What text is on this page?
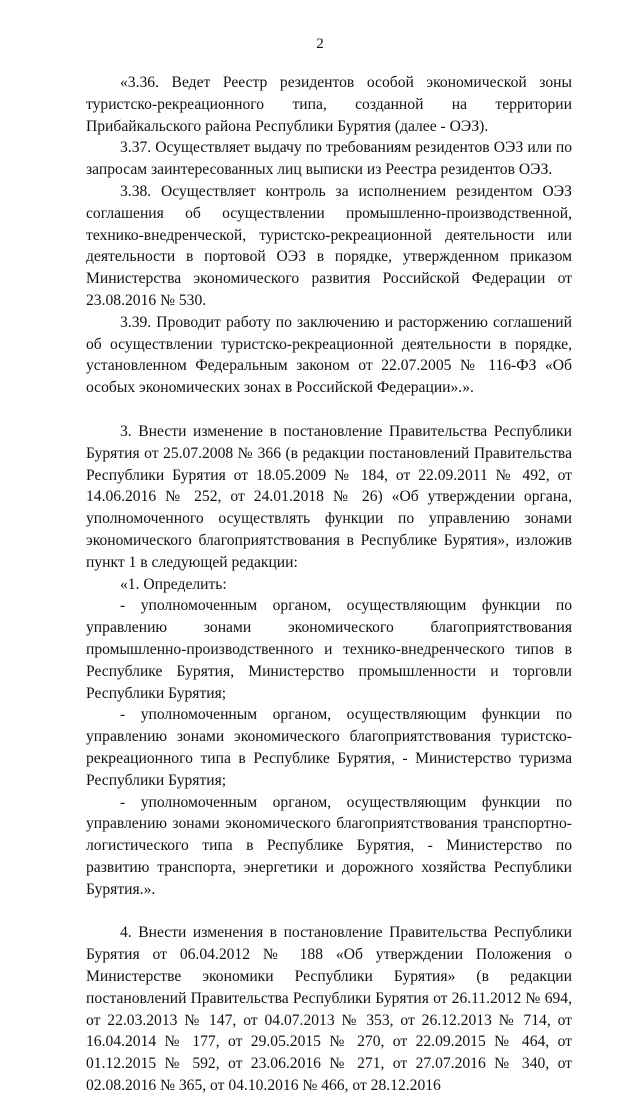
2

«3.36. Ведет Реестр резидентов особой экономической зоны туристско-рекреационного типа, созданной на территории Прибайкальского района Республики Бурятия (далее - ОЭЗ).

3.37. Осуществляет выдачу по требованиям резидентов ОЭЗ или по запросам заинтересованных лиц выписки из Реестра резидентов ОЭЗ.

3.38. Осуществляет контроль за исполнением резидентом ОЭЗ соглашения об осуществлении промышленно-производственной, технико-внедренческой, туристско-рекреационной деятельности или деятельности в портовой ОЭЗ в порядке, утвержденном приказом Министерства экономического развития Российской Федерации от 23.08.2016 № 530.

3.39. Проводит работу по заключению и расторжению соглашений об осуществлении туристско-рекреационной деятельности в порядке, установленном Федеральным законом от 22.07.2005 № 116-ФЗ «Об особых экономических зонах в Российской Федерации».».

3. Внести изменение в постановление Правительства Республики Бурятия от 25.07.2008 № 366 (в редакции постановлений Правительства Республики Бурятия от 18.05.2009 № 184, от 22.09.2011 № 492, от 14.06.2016 № 252, от 24.01.2018 № 26) «Об утверждении органа, уполномоченного осуществлять функции по управлению зонами экономического благоприятствования в Республике Бурятия», изложив пункт 1 в следующей редакции:

«1. Определить:

- уполномоченным органом, осуществляющим функции по управлению зонами экономического благоприятствования промышленно-производственного и технико-внедренческого типов в Республике Бурятия, Министерство промышленности и торговли Республики Бурятия;

- уполномоченным органом, осуществляющим функции по управлению зонами экономического благоприятствования туристско-рекреационного типа в Республике Бурятия, - Министерство туризма Республики Бурятия;

- уполномоченным органом, осуществляющим функции по управлению зонами экономического благоприятствования транспортно-логистического типа в Республике Бурятия, - Министерство по развитию транспорта, энергетики и дорожного хозяйства Республики Бурятия.».

4. Внести изменения в постановление Правительства Республики Бурятия от 06.04.2012 № 188 «Об утверждении Положения о Министерстве экономики Республики Бурятия» (в редакции постановлений Правительства Республики Бурятия от 26.11.2012 № 694, от 22.03.2013 № 147, от 04.07.2013 № 353, от 26.12.2013 № 714, от 16.04.2014 № 177, от 29.05.2015 № 270, от 22.09.2015 № 464, от 01.12.2015 № 592, от 23.06.2016 № 271, от 27.07.2016 № 340, от 02.08.2016 № 365, от 04.10.2016 № 466, от 28.12.2016
